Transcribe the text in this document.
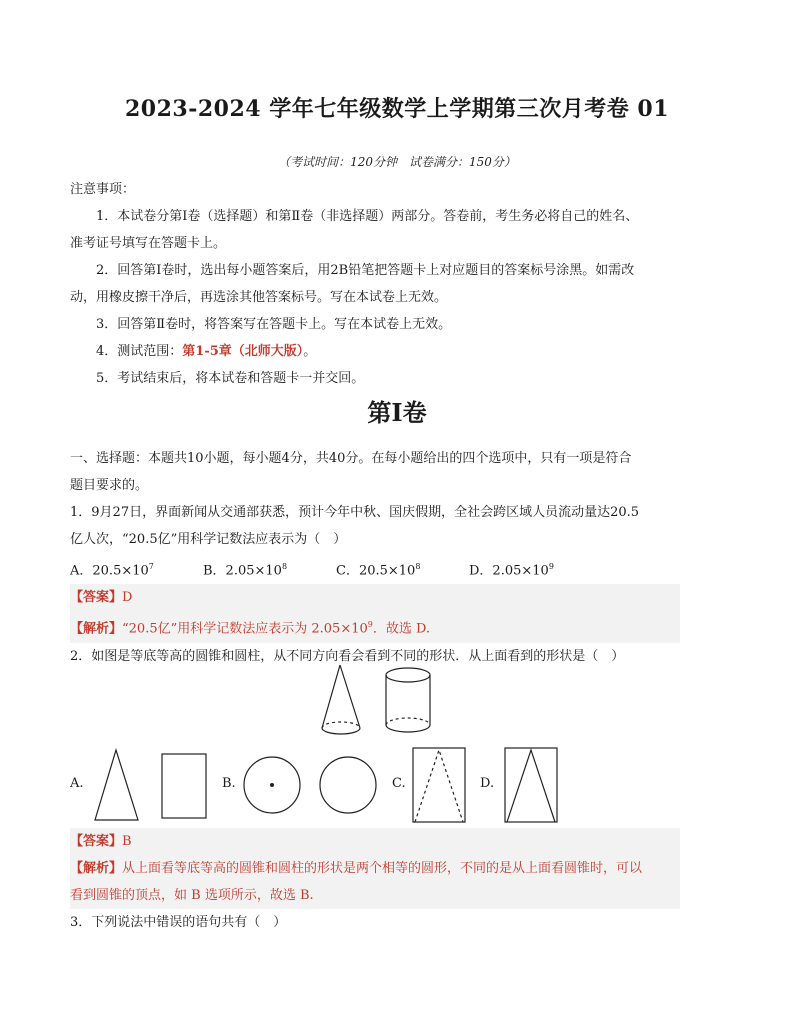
2023-2024 学年七年级数学上学期第三次月考卷 01
（考试时间：120分钟　试卷满分：150分）
注意事项：
1．本试卷分第Ⅰ卷（选择题）和第Ⅱ卷（非选择题）两部分。答卷前，考生务必将自己的姓名、
准考证号填写在答题卡上。
2．回答第Ⅰ卷时，选出每小题答案后，用2B铅笔把答题卡上对应题目的答案标号涂黑。如需改
动，用橡皮擦干净后，再选涂其他答案标号。写在本试卷上无效。
3．回答第Ⅱ卷时，将答案写在答题卡上。写在本试卷上无效。
4．测试范围：第1-5章（北师大版）。
5．考试结束后，将本试卷和答题卡一并交回。
第Ⅰ卷
一、选择题：本题共10小题，每小题4分，共40分。在每小题给出的四个选项中，只有一项是符合
题目要求的。
1．9月27日，界面新闻从交通部获悉，预计今年中秋、国庆假期，全社会跨区域人员流动量达20.5
亿人次，“20.5亿”用科学记数法应表示为（　）
A．$20.5\times 10^7$	B．$2.05\times 10^8$	C．$20.5\times 10^8$	D．$2.05\times 10^9$
【答案】D
【解析】“20.5亿”用科学记数法应表示为 $2.05\times 10^9$．故选 D.
2．如图是等底等高的圆锥和圆柱，从不同方向看会看到不同的形状．从上面看到的形状是（　）
A.	B.	C.	D.
【答案】B
【解析】从上面看等底等高的圆锥和圆柱的形状是两个相等的圆形，不同的是从上面看圆锥时，可以
看到圆锥的顶点，如 B 选项所示，故选 B.
3．下列说法中错误的语句共有（　）
